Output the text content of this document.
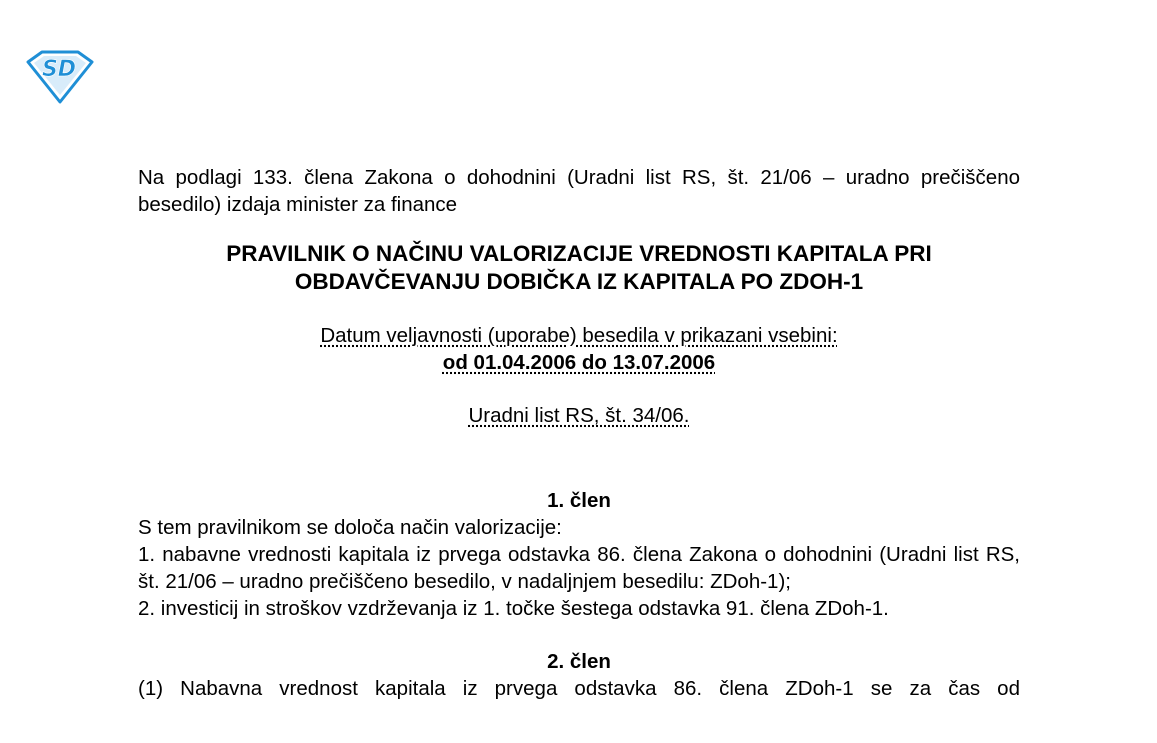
SD

Na podlagi 133. člena Zakona o dohodnini (Uradni list RS, št. 21/06 – uradno prečiščeno besedilo) izdaja minister za finance

PRAVILNIK O NAČINU VALORIZACIJE VREDNOSTI KAPITALA PRI
OBDAVČEVANJU DOBIČKA IZ KAPITALA PO ZDOH-1
Datum veljavnosti (uporabe) besedila v prikazani vsebini:
od 01.04.2006 do 13.07.2006
Uradni list RS, št. 34/06.
1. člen

S tem pravilnikom se določa način valorizacije:

1. nabavne vrednosti kapitala iz prvega odstavka 86. člena Zakona o dohodnini (Uradni list RS, št. 21/06 – uradno prečiščeno besedilo, v nadaljnjem besedilu: ZDoh-1);

2. investicij in stroškov vzdrževanja iz 1. točke šestega odstavka 91. člena ZDoh-1.

2. člen

(1) Nabavna vrednost kapitala iz prvega odstavka 86. člena ZDoh-1 se za čas od
